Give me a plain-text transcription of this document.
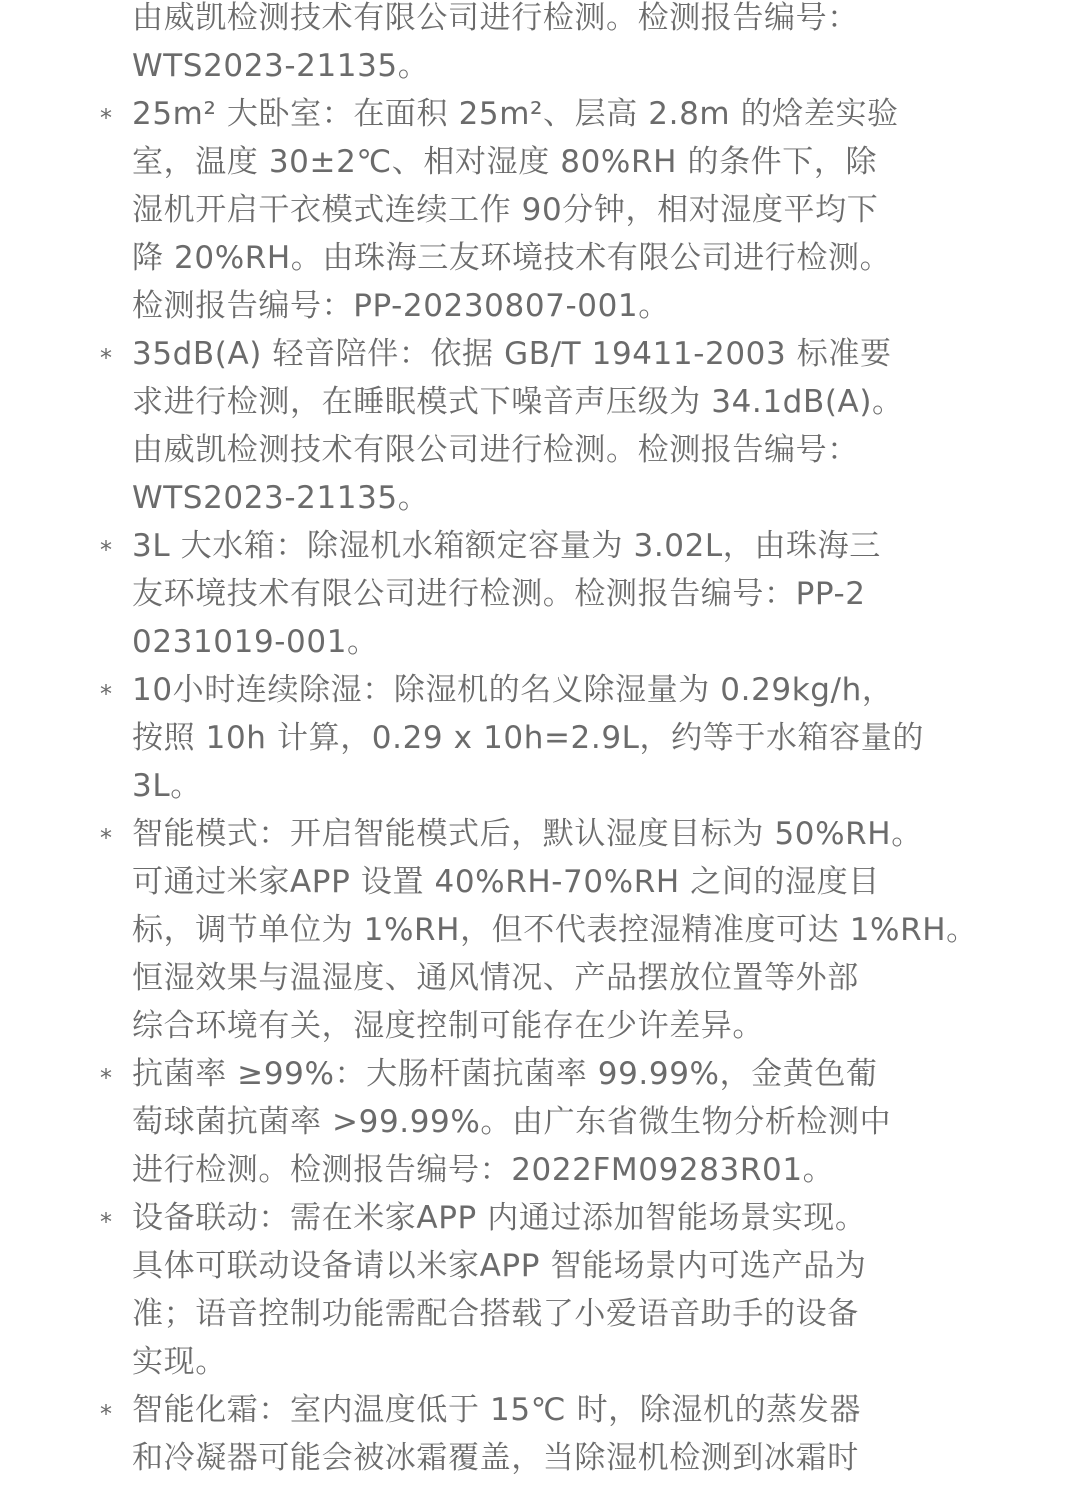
由威凯检测技术有限公司进行检测。检测报告编号：
WTS2023-21135。
* 25m² 大卧室：在面积 25m²、层高 2.8m 的焓差实验
室，温度 30±2℃、相对湿度 80%RH 的条件下，除
湿机开启干衣模式连续工作 90分钟，相对湿度平均下
降 20%RH。由珠海三友环境技术有限公司进行检测。
检测报告编号：PP-20230807-001。
* 35dB(A) 轻音陪伴：依据 GB/T 19411-2003 标准要
求进行检测，在睡眠模式下噪音声压级为 34.1dB(A)。
由威凯检测技术有限公司进行检测。检测报告编号：
WTS2023-21135。
* 3L 大水箱：除湿机水箱额定容量为 3.02L，由珠海三
友环境技术有限公司进行检测。检测报告编号：PP-2
0231019-001。
* 10小时连续除湿：除湿机的名义除湿量为 0.29kg/h，
按照 10h 计算，0.29 x 10h=2.9L，约等于水箱容量的
3L。
* 智能模式：开启智能模式后，默认湿度目标为 50%RH。
可通过米家APP 设置 40%RH-70%RH 之间的湿度目
标，调节单位为 1%RH，但不代表控湿精准度可达 1%RH。
恒湿效果与温湿度、通风情况、产品摆放位置等外部
综合环境有关，湿度控制可能存在少许差异。
* 抗菌率 ≥99%：大肠杆菌抗菌率 99.99%，金黄色葡
萄球菌抗菌率 >99.99%。由广东省微生物分析检测中
进行检测。检测报告编号：2022FM09283R01。
* 设备联动：需在米家APP 内通过添加智能场景实现。
具体可联动设备请以米家APP 智能场景内可选产品为
准；语音控制功能需配合搭载了小爱语音助手的设备
实现。
* 智能化霜：室内温度低于 15℃ 时，除湿机的蒸发器
和冷凝器可能会被冰霜覆盖，当除湿机检测到冰霜时
